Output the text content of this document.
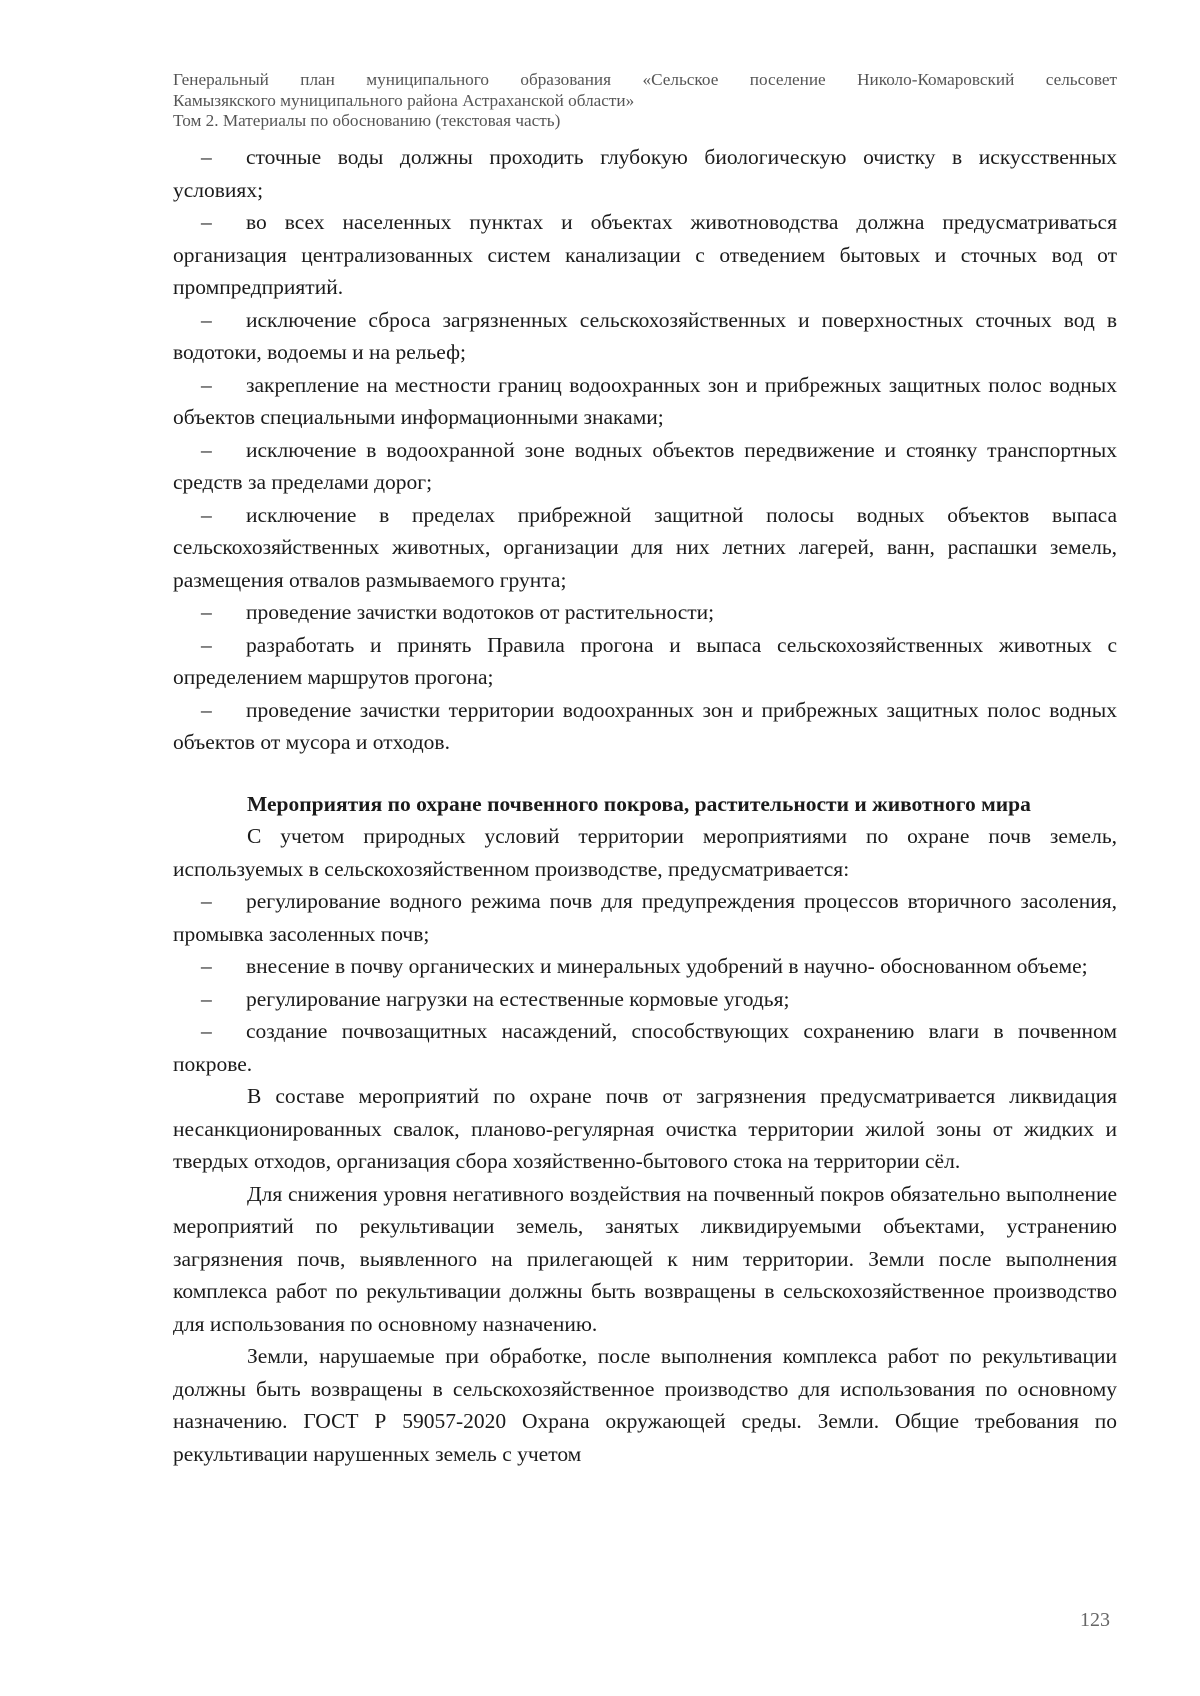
Генеральный план муниципального образования «Сельское поселение Николо-Комаровский сельсовет
Камызякского муниципального района Астраханской области»
Том 2. Материалы по обоснованию (текстовая часть)

– сточные воды должны проходить глубокую биологическую очистку в искусственных условиях;

– во всех населенных пунктах и объектах животноводства должна предусматриваться организация централизованных систем канализации с отведением бытовых и сточных вод от промпредприятий.

– исключение сброса загрязненных сельскохозяйственных и поверхностных сточных вод в водотоки, водоемы и на рельеф;

– закрепление на местности границ водоохранных зон и прибрежных защитных полос водных объектов специальными информационными знаками;

– исключение в водоохранной зоне водных объектов передвижение и стоянку транспортных средств за пределами дорог;

– исключение в пределах прибрежной защитной полосы водных объектов выпаса сельскохозяйственных животных, организации для них летних лагерей, ванн, распашки земель, размещения отвалов размываемого грунта;

– проведение зачистки водотоков от растительности;

– разработать и принять Правила прогона и выпаса сельскохозяйственных животных с определением маршрутов прогона;

– проведение зачистки территории водоохранных зон и прибрежных защитных полос водных объектов от мусора и отходов.

Мероприятия по охране почвенного покрова, растительности и животного мира

С учетом природных условий территории мероприятиями по охране почв земель, используемых в сельскохозяйственном производстве, предусматривается:

– регулирование водного режима почв для предупреждения процессов вторичного засоления, промывка засоленных почв;

– внесение в почву органических и минеральных удобрений в научно- обоснованном объеме;

– регулирование нагрузки на естественные кормовые угодья;

– создание почвозащитных насаждений, способствующих сохранению влаги в почвенном покрове.

В составе мероприятий по охране почв от загрязнения предусматривается ликвидация несанкционированных свалок, планово-регулярная очистка территории жилой зоны от жидких и твердых отходов, организация сбора хозяйственно-бытового стока на территории сёл.

Для снижения уровня негативного воздействия на почвенный покров обязательно выполнение мероприятий по рекультивации земель, занятых ликвидируемыми объектами, устранению загрязнения почв, выявленного на прилегающей к ним территории. Земли после выполнения комплекса работ по рекультивации должны быть возвращены в сельскохозяйственное производство для использования по основному назначению.

Земли, нарушаемые при обработке, после выполнения комплекса работ по рекультивации должны быть возвращены в сельскохозяйственное производство для использования по основному назначению. ГОСТ Р 59057-2020 Охрана окружающей среды. Земли. Общие требования по рекультивации нарушенных земель с учетом

123
